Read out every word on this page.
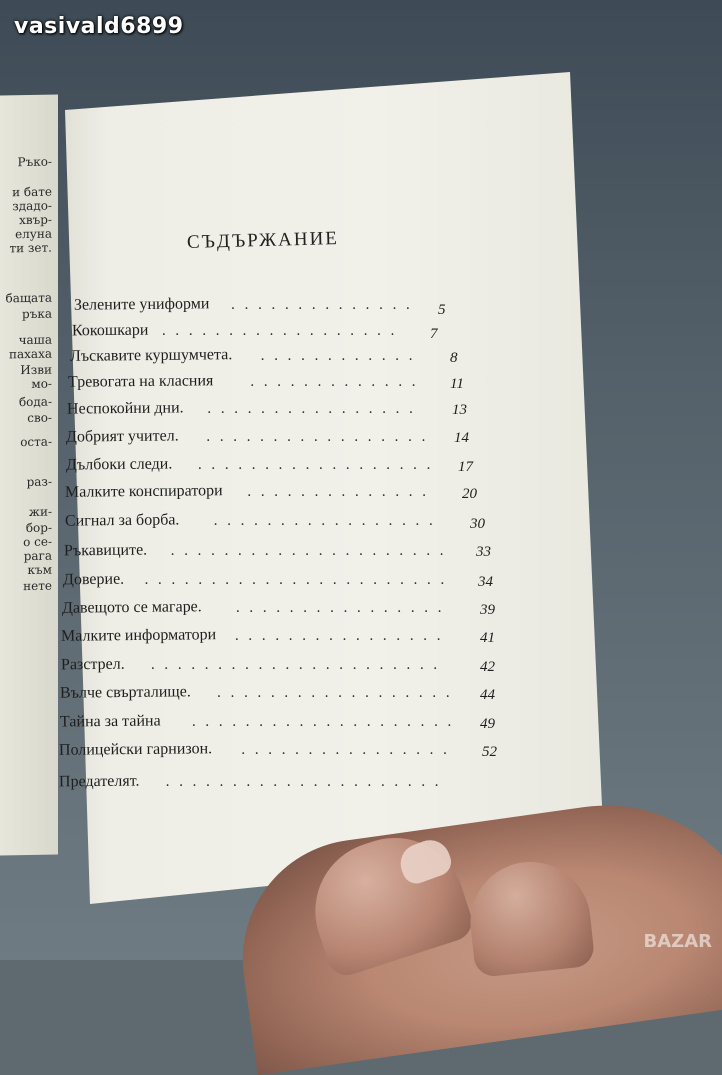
Ръко-
и бате
здадо-
хвър-
елуна
ти зет.
бащата
ръка
чаша
пахаха
Изви
мо-
бода-
сво-
оста-
раз-
жи-
бор-
о се-
рага
към
нете
СЪДЪРЖАНИЕ
Зелените униформи .............. 5
Кокошкари .................. 7
Лъскавите куршумчета. ............ 8
Тревогата на класния	............. 11
Неспокойни дни. ................ 13
Добрият учител. ................. 14
Дълбоки следи. .................. 17
Малките конспиратори .............. 20
Сигнал за борба. ................. 30
Ръкавиците. ..................... 33
Доверие. ....................... 34
Давещото се магаре. ................ 39
Малките информатори ................ 41
Разстрел. ...................... 42
Вълче свърталище. .................. 44
Тайна за тайна .................... 49
Полицейски гарнизон. ................ 52
Предателят. .....................
vasivald6899
BAZAR
